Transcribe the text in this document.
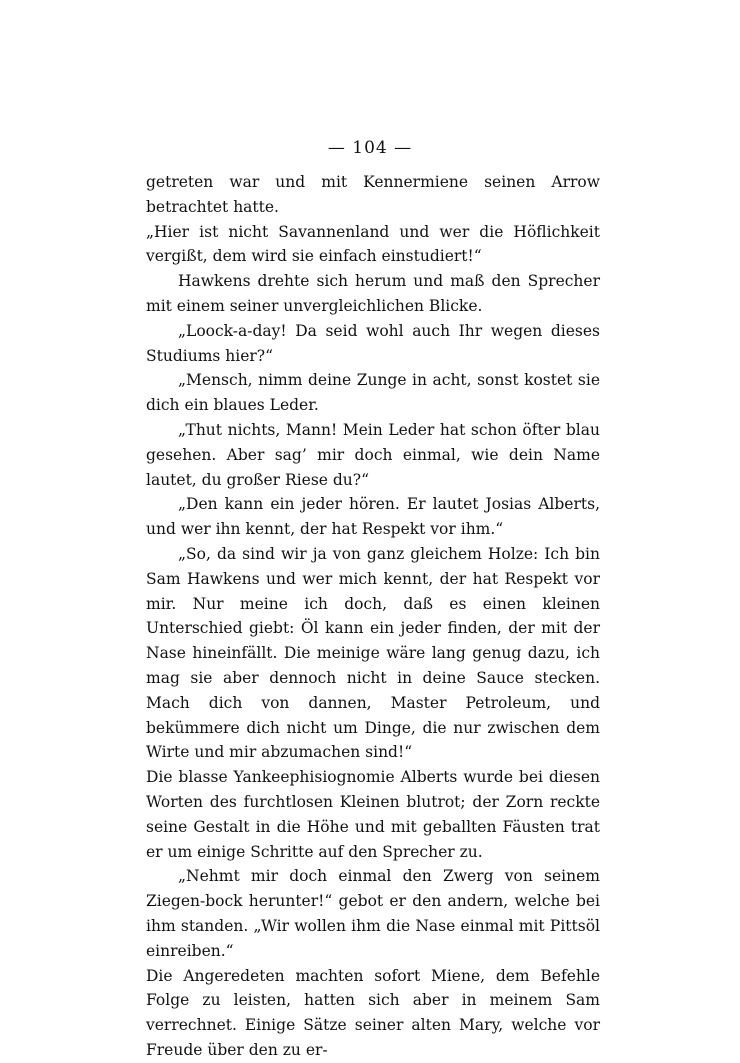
— 104 —

getreten war und mit Kennermiene seinen Arrow betrachtet hatte.

„Hier ist nicht Savannenland und wer die Höflichkeit vergißt, dem wird sie einfach einstudiert!“

Hawkens drehte sich herum und maß den Sprecher mit einem seiner unvergleichlichen Blicke.

„Loock-a-day! Da seid wohl auch Ihr wegen dieses Studiums hier?“

„Mensch, nimm deine Zunge in acht, sonst kostet sie dich ein blaues Leder.

„Thut nichts, Mann! Mein Leder hat schon öfter blau gesehen. Aber sag’ mir doch einmal, wie dein Name lautet, du großer Riese du?“

„Den kann ein jeder hören. Er lautet Josias Alberts, und wer ihn kennt, der hat Respekt vor ihm.“

„So, da sind wir ja von ganz gleichem Holze: Ich bin Sam Hawkens und wer mich kennt, der hat Respekt vor mir. Nur meine ich doch, daß es einen kleinen Unterschied giebt: Öl kann ein jeder finden, der mit der Nase hineinfällt. Die meinige wäre lang genug dazu, ich mag sie aber dennoch nicht in deine Sauce stecken. Mach dich von dannen, Master Petroleum, und bekümmere dich nicht um Dinge, die nur zwischen dem Wirte und mir abzumachen sind!“

Die blasse Yankeephisiognomie Alberts wurde bei diesen Worten des furchtlosen Kleinen blutrot; der Zorn reckte seine Gestalt in die Höhe und mit geballten Fäusten trat er um einige Schritte auf den Sprecher zu.

„Nehmt mir doch einmal den Zwerg von seinem Ziegen-bock herunter!“ gebot er den andern, welche bei ihm standen. „Wir wollen ihm die Nase einmal mit Pittsöl einreiben.“

Die Angeredeten machten sofort Miene, dem Befehle Folge zu leisten, hatten sich aber in meinem Sam verrechnet. Einige Sätze seiner alten Mary, welche vor Freude über den zu er-
